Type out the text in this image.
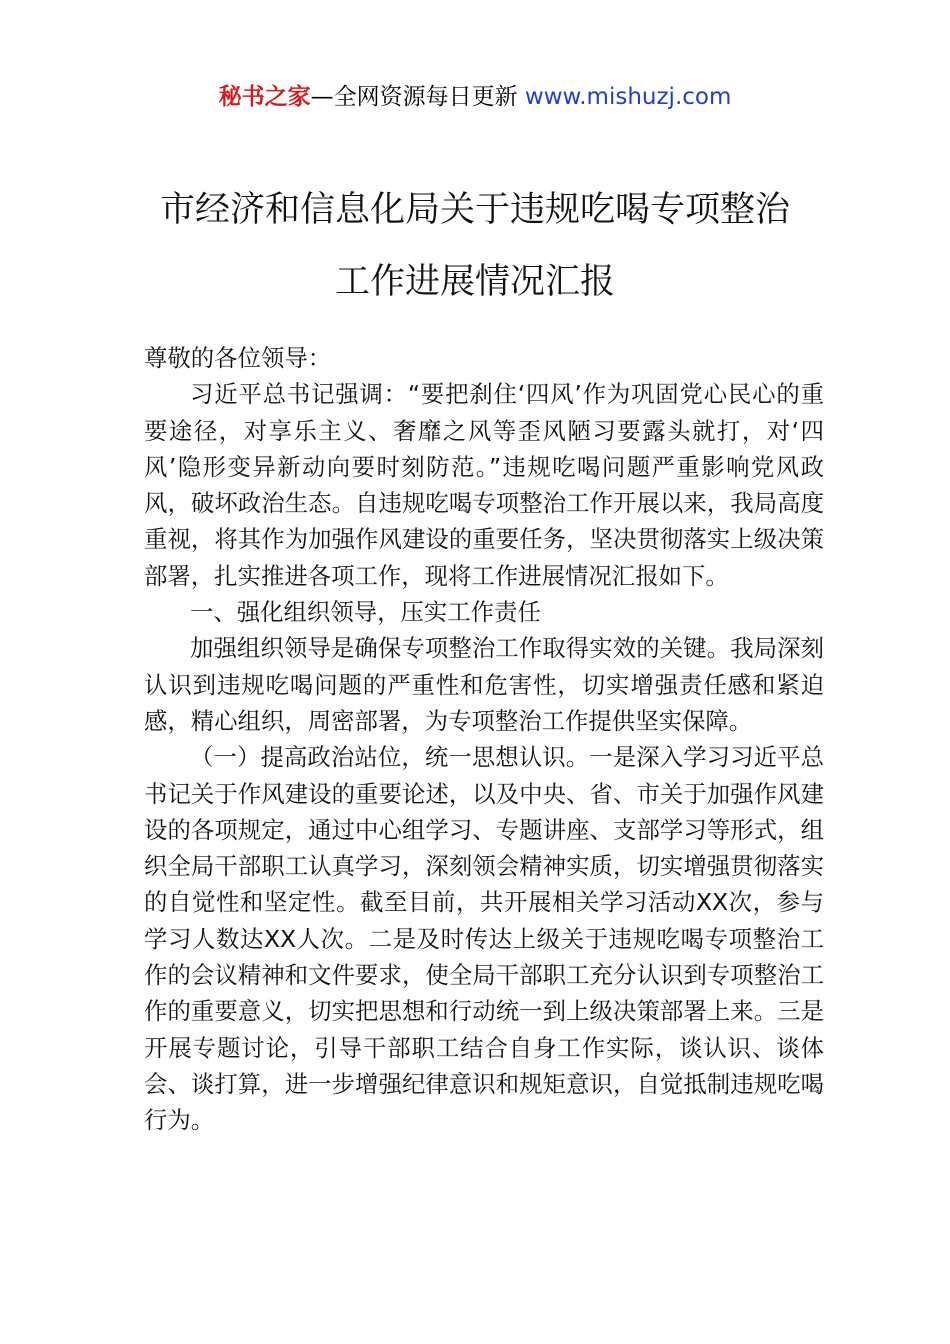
秘书之家—全网资源每日更新 www.mishuzj.com
市经济和信息化局关于违规吃喝专项整治
工作进展情况汇报

尊敬的各位领导：

习近平总书记强调：“要把刹住‘四风’作为巩固党心民心的重要途径，对享乐主义、奢靡之风等歪风陋习要露头就打，对‘四风’隐形变异新动向要时刻防范。”违规吃喝问题严重影响党风政风，破坏政治生态。自违规吃喝专项整治工作开展以来，我局高度重视，将其作为加强作风建设的重要任务，坚决贯彻落实上级决策部署，扎实推进各项工作，现将工作进展情况汇报如下。

一、强化组织领导，压实工作责任

加强组织领导是确保专项整治工作取得实效的关键。我局深刻认识到违规吃喝问题的严重性和危害性，切实增强责任感和紧迫感，精心组织，周密部署，为专项整治工作提供坚实保障。

（一）提高政治站位，统一思想认识。一是深入学习习近平总书记关于作风建设的重要论述，以及中央、省、市关于加强作风建设的各项规定，通过中心组学习、专题讲座、支部学习等形式，组织全局干部职工认真学习，深刻领会精神实质，切实增强贯彻落实的自觉性和坚定性。截至目前，共开展相关学习活动XX次，参与学习人数达XX人次。二是及时传达上级关于违规吃喝专项整治工作的会议精神和文件要求，使全局干部职工充分认识到专项整治工作的重要意义，切实把思想和行动统一到上级决策部署上来。三是开展专题讨论，引导干部职工结合自身工作实际，谈认识、谈体会、谈打算，进一步增强纪律意识和规矩意识，自觉抵制违规吃喝行为。
